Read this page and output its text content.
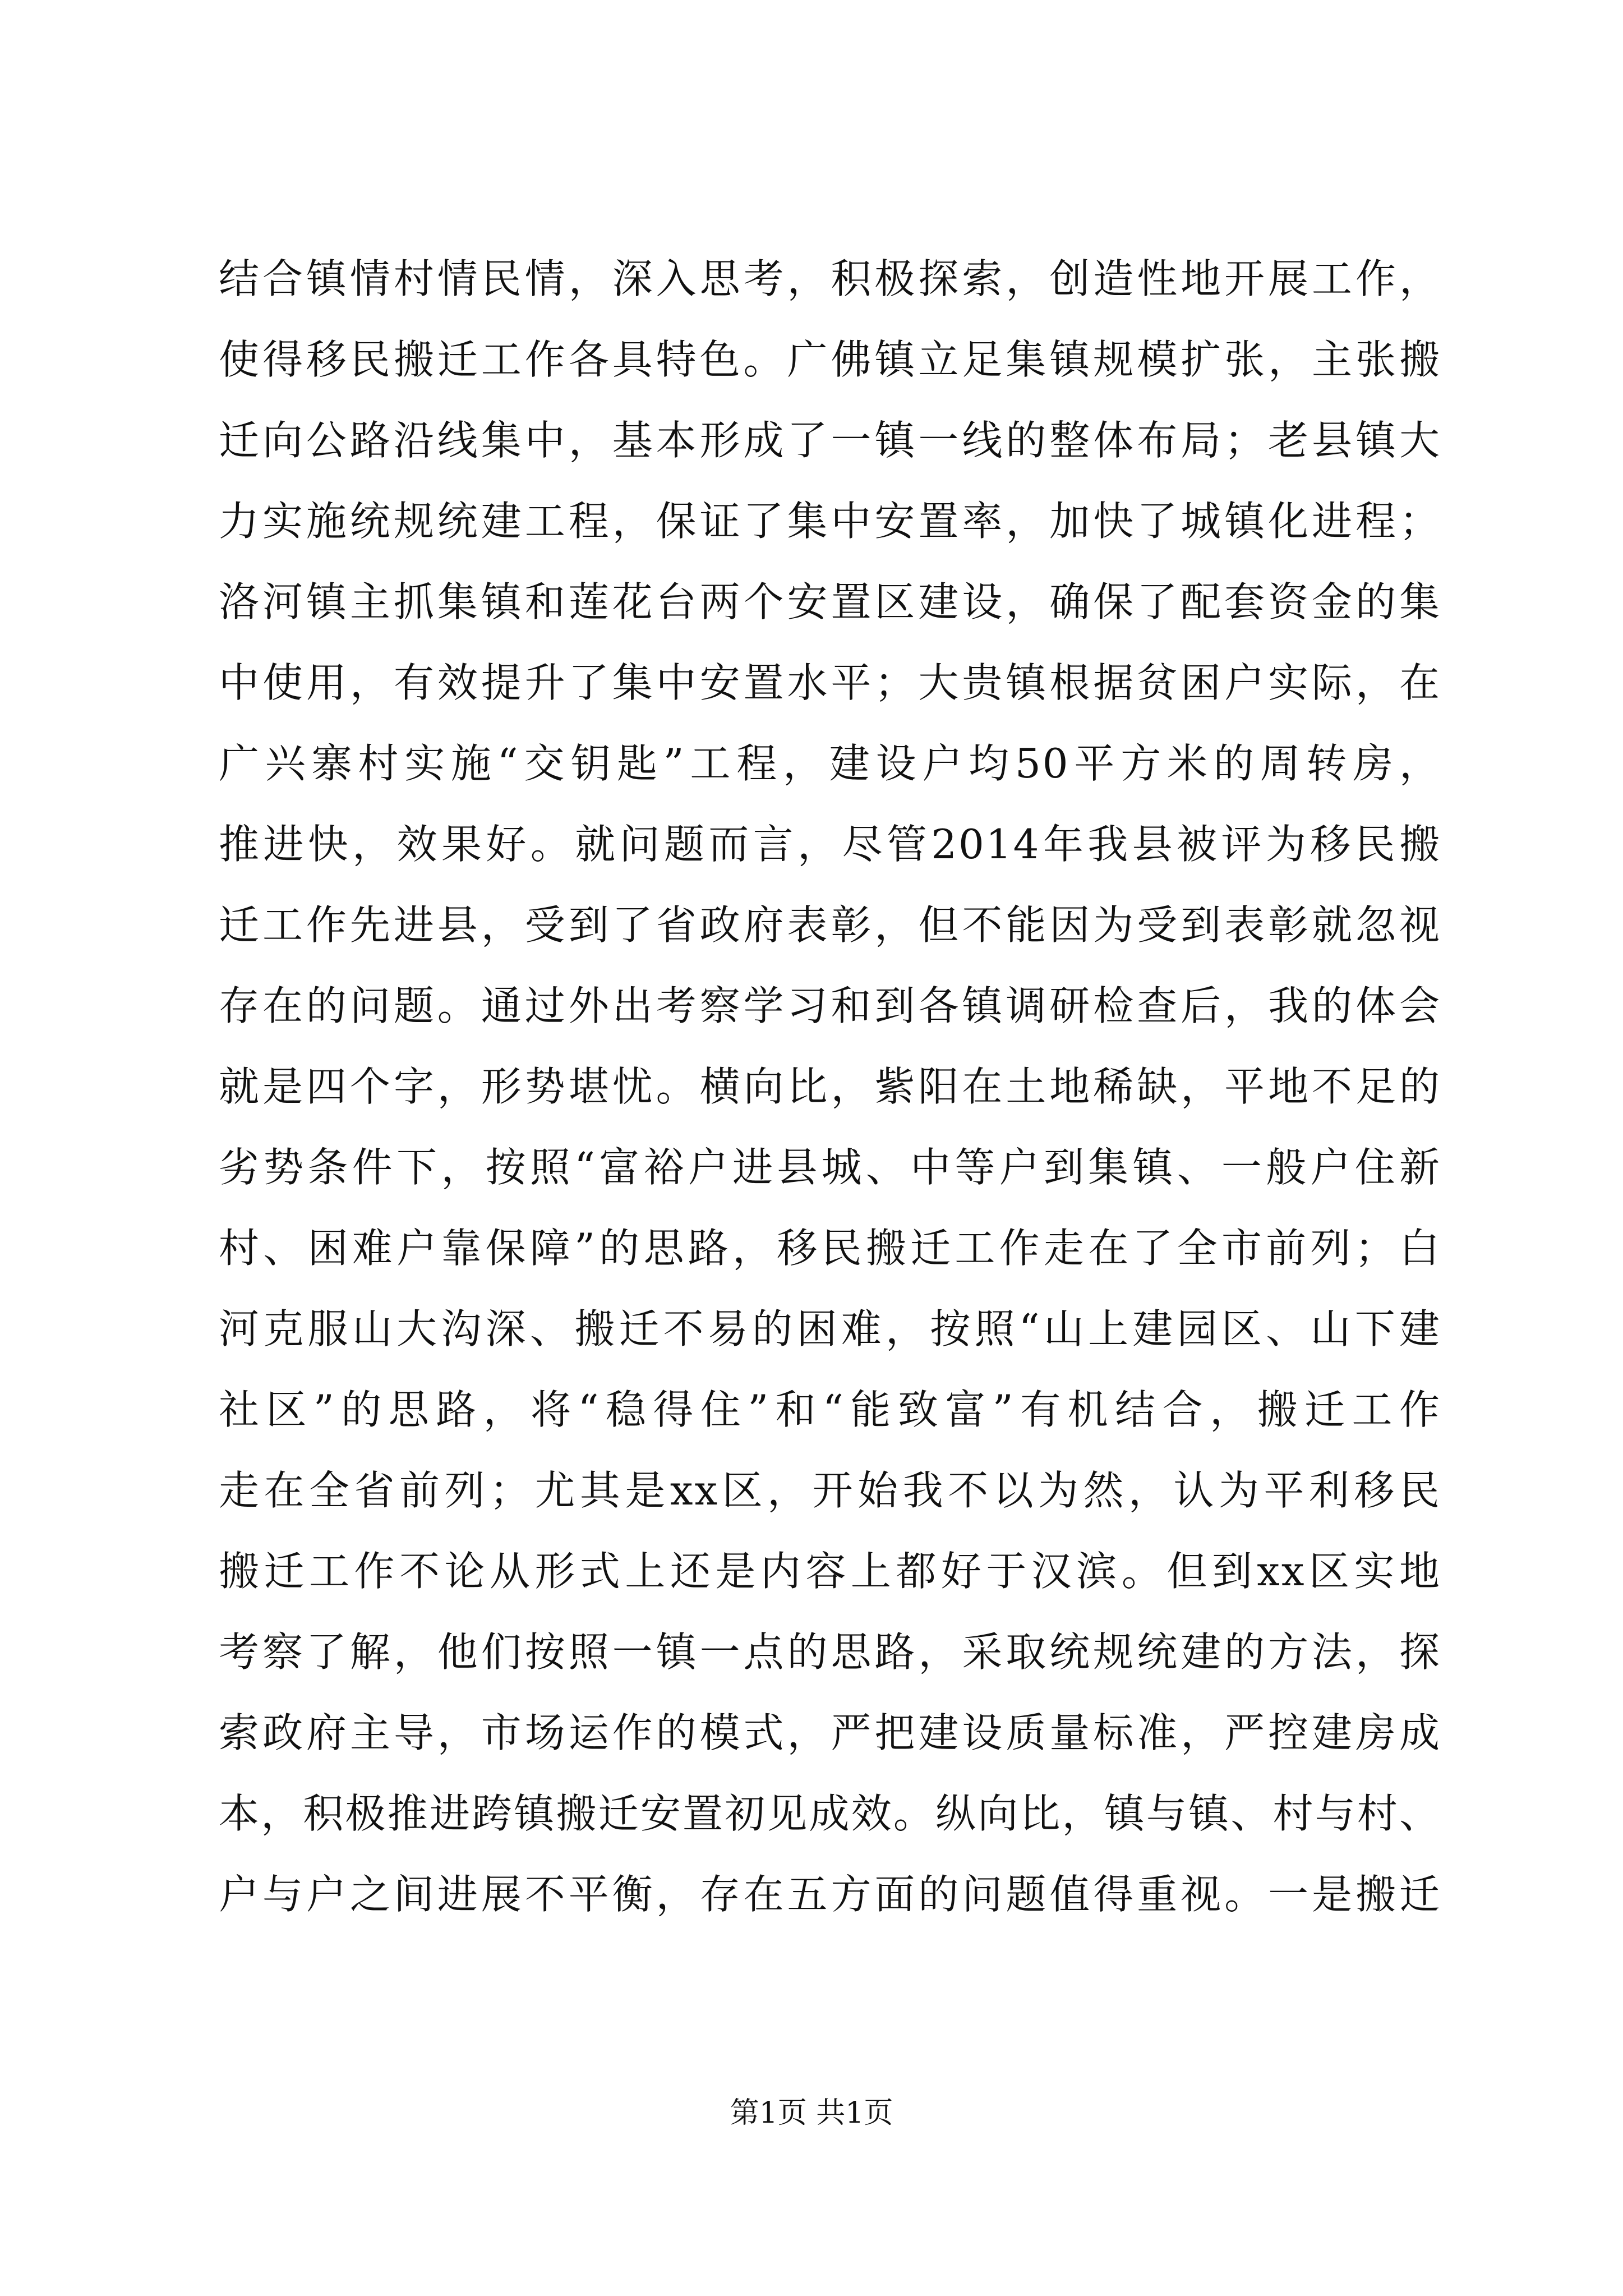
结合镇情村情民情，深入思考，积极探索，创造性地开展工作，
使得移民搬迁工作各具特色。广佛镇立足集镇规模扩张，主张搬
迁向公路沿线集中，基本形成了一镇一线的整体布局；老县镇大
力实施统规统建工程，保证了集中安置率，加快了城镇化进程；
洛河镇主抓集镇和莲花台两个安置区建设，确保了配套资金的集
中使用，有效提升了集中安置水平；大贵镇根据贫困户实际，在
广兴寨村实施“交钥匙”工程，建设户均50平方米的周转房，
推进快，效果好。就问题而言，尽管2014年我县被评为移民搬
迁工作先进县，受到了省政府表彰，但不能因为受到表彰就忽视
存在的问题。通过外出考察学习和到各镇调研检查后，我的体会
就是四个字，形势堪忧。横向比，紫阳在土地稀缺，平地不足的
劣势条件下，按照“富裕户进县城、中等户到集镇、一般户住新
村、困难户靠保障”的思路，移民搬迁工作走在了全市前列；白
河克服山大沟深、搬迁不易的困难，按照“山上建园区、山下建
社区”的思路，将“稳得住”和“能致富”有机结合，搬迁工作
走在全省前列；尤其是xx区，开始我不以为然，认为平利移民
搬迁工作不论从形式上还是内容上都好于汉滨。但到xx区实地
考察了解，他们按照一镇一点的思路，采取统规统建的方法，探
索政府主导，市场运作的模式，严把建设质量标准，严控建房成
本，积极推进跨镇搬迁安置初见成效。纵向比，镇与镇、村与村、
户与户之间进展不平衡，存在五方面的问题值得重视。一是搬迁
第1页 共1页
